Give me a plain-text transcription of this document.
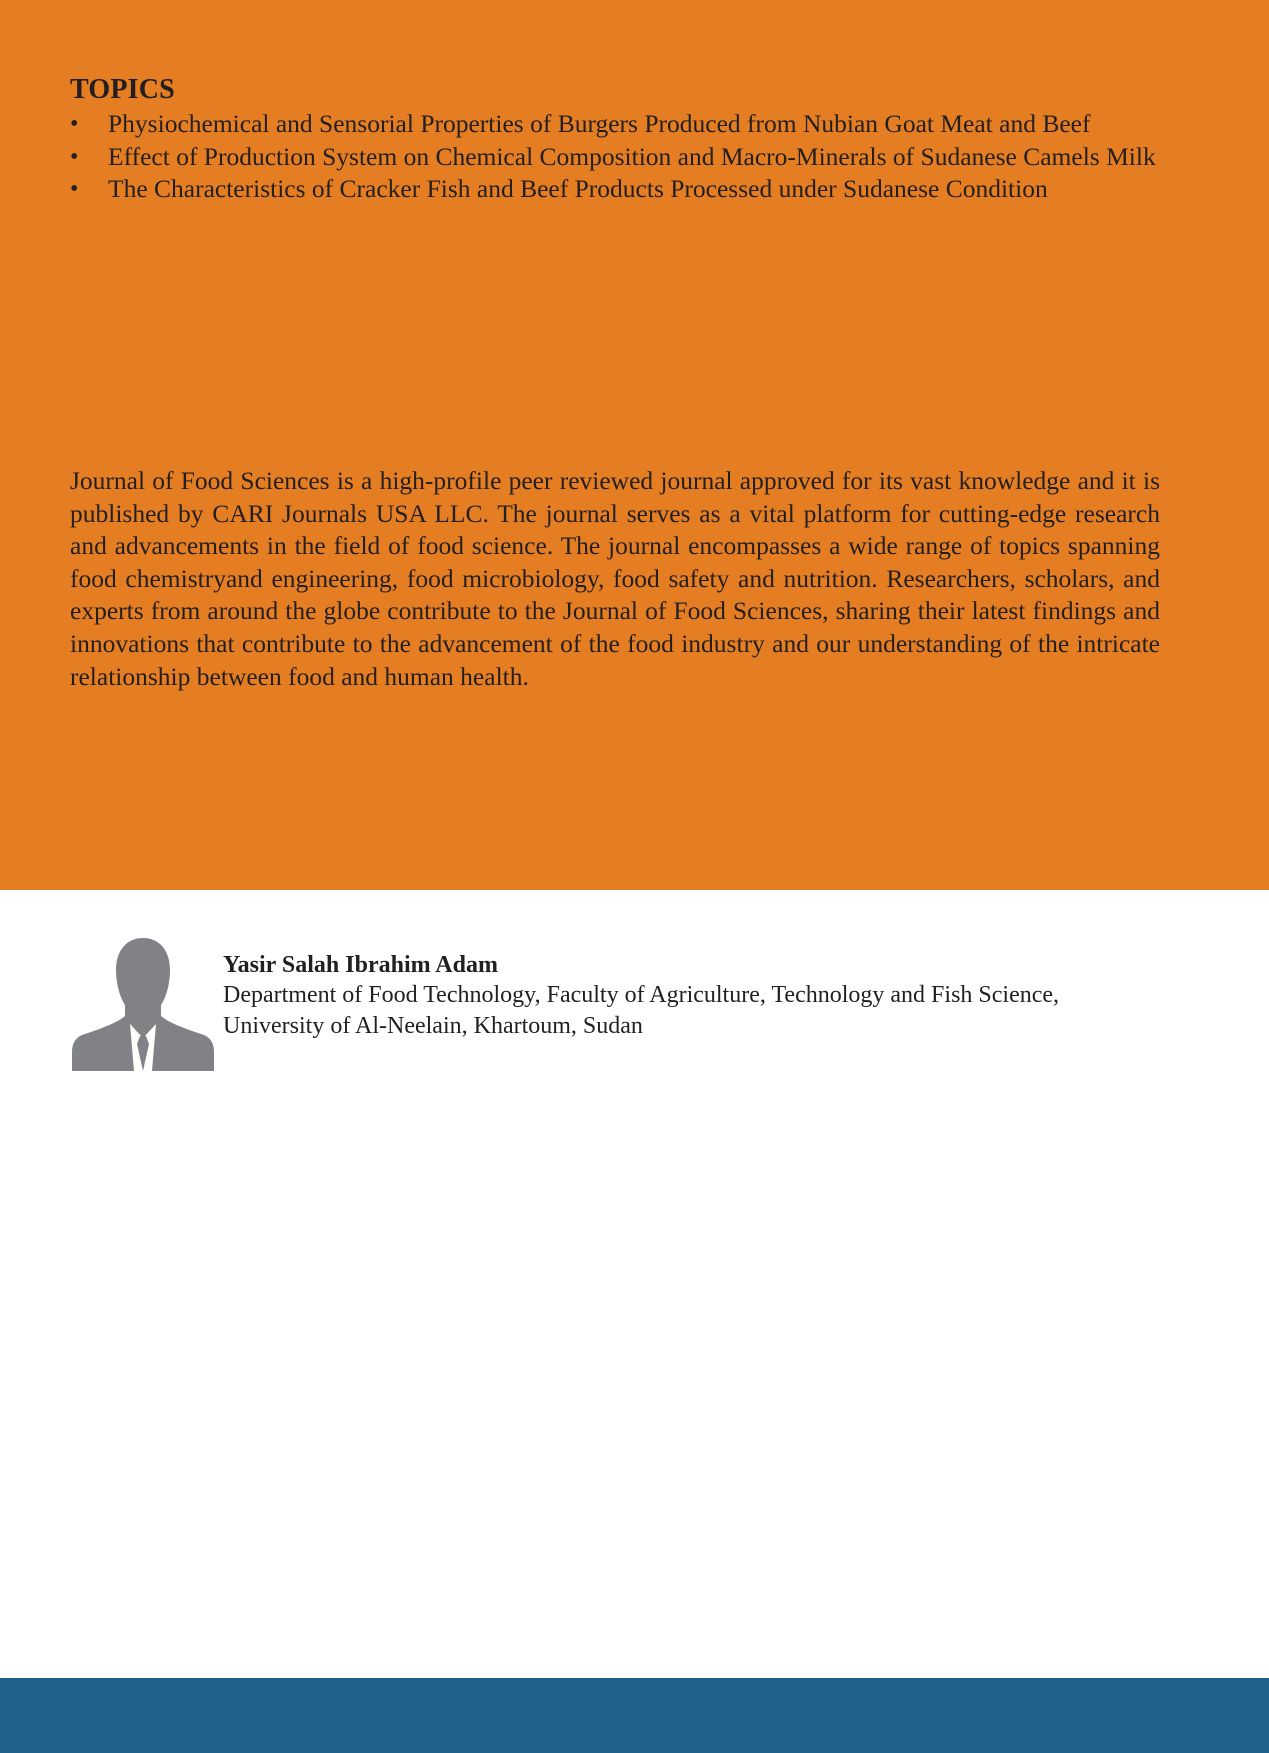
TOPICS
• Physiochemical and Sensorial Properties of Burgers Produced from Nubian Goat Meat and Beef
• Effect of Production System on Chemical Composition and Macro-Minerals of Sudanese Camels Milk
• The Characteristics of Cracker Fish and Beef Products Processed under Sudanese Condition

Journal of Food Sciences is a high-profile peer reviewed journal approved for its vast knowledge and it is published by CARI Journals USA LLC. The journal serves as a vital platform for cutting-edge research and advancements in the field of food science. The journal encompasses a wide range of topics spanning food chemistryand engineering, food microbiology, food safety and nutrition. Researchers, scholars, and experts from around the globe contribute to the Journal of Food Sciences, sharing their latest findings and innovations that contribute to the advancement of the food industry and our understanding of the intricate relationship between food and human health.

Yasir Salah Ibrahim Adam

Department of Food Technology, Faculty of Agriculture, Technology and Fish Science, University of Al-Neelain, Khartoum, Sudan
